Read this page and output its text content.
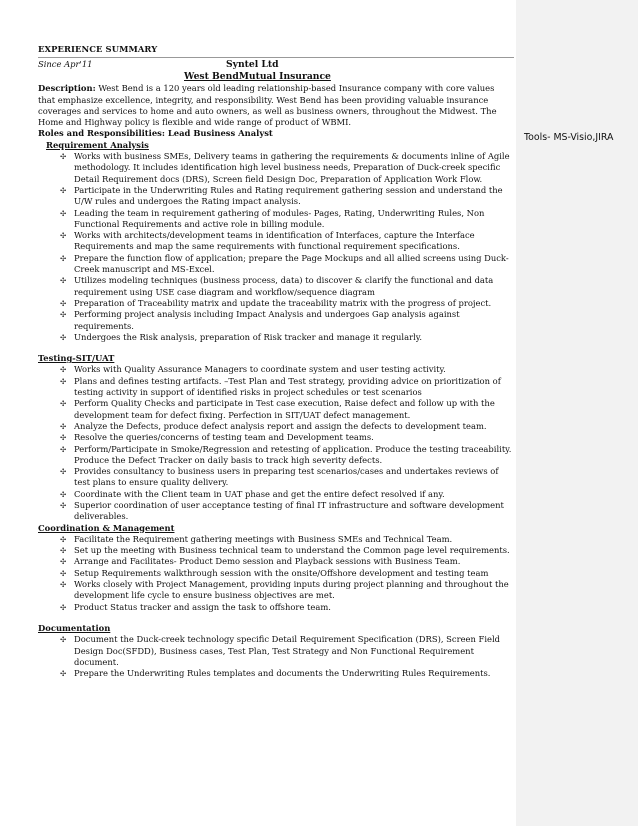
EXPERIENCE SUMMARY
Since Apr'11	Syntel Ltd
West BendMutual Insurance
Description: West Bend is a 120 years old leading relationship-based Insurance company with core values that emphasize excellence, integrity, and responsibility. West Bend has been providing valuable insurance coverages and services to home and auto owners, as well as business owners, throughout the Midwest. The Home and Highway policy is flexible and wide range of product of WBMI.
Roles and Responsibilities: Lead Business Analyst
Requirement Analysis
✣ Works with business SMEs, Delivery teams in gathering the requirements & documents inline of Agile methodology. It includes identification high level business needs, Preparation of Duck-creek specific Detail Requirement docs (DRS), Screen field Design Doc, Preparation of Application Work Flow.
✣ Participate in the Underwriting Rules and Rating requirement gathering session and understand the U/W rules and undergoes the Rating impact analysis.
✣ Leading the team in requirement gathering of modules- Pages, Rating, Underwriting Rules, Non Functional Requirements and active role in billing module.
✣ Works with architects/development teams in identification of Interfaces, capture the Interface Requirements and map the same requirements with functional requirement specifications.
✣ Prepare the function flow of application; prepare the Page Mockups and all allied screens using Duck-Creek manuscript and MS-Excel.
✣ Utilizes modeling techniques (business process, data) to discover & clarify the functional and data requirement using USE case diagram and workflow/sequence diagram
✣ Preparation of Traceability matrix and update the traceability matrix with the progress of project.
✣ Performing project analysis including Impact Analysis and undergoes Gap analysis against requirements.
✣ Undergoes the Risk analysis, preparation of Risk tracker and manage it regularly.
Testing-SIT/UAT
✣ Works with Quality Assurance Managers to coordinate system and user testing activity.
✣ Plans and defines testing artifacts. –Test Plan and Test strategy, providing advice on prioritization of testing activity in support of identified risks in project schedules or test scenarios
✣ Perform Quality Checks and participate in Test case execution, Raise defect and follow up with the development team for defect fixing. Perfection in SIT/UAT defect management.
✣ Analyze the Defects, produce defect analysis report and assign the defects to development team.
✣ Resolve the queries/concerns of testing team and Development teams.
✣ Perform/Participate in Smoke/Regression and retesting of application. Produce the testing traceability. Produce the Defect Tracker on daily basis to track high severity defects.
✣ Provides consultancy to business users in preparing test scenarios/cases and undertakes reviews of test plans to ensure quality delivery.
✣ Coordinate with the Client team in UAT phase and get the entire defect resolved if any.
✣ Superior coordination of user acceptance testing of final IT infrastructure and software development deliverables.
Coordination & Management
✣ Facilitate the Requirement gathering meetings with Business SMEs and Technical Team.
✣ Set up the meeting with Business technical team to understand the Common page level requirements.
✣ Arrange and Facilitates- Product Demo session and Playback sessions with Business Team.
✣ Setup Requirements walkthrough session with the onsite/Offshore development and testing team
✣ Works closely with Project Management, providing inputs during project planning and throughout the development life cycle to ensure business objectives are met.
✣ Product Status tracker and assign the task to offshore team.
Documentation
✣ Document the Duck-creek technology specific Detail Requirement Specification (DRS), Screen Field Design Doc(SFDD), Business cases, Test Plan, Test Strategy and Non Functional Requirement document.
✣ Prepare the Underwriting Rules templates and documents the Underwriting Rules Requirements.
Tools- MS-Visio,JIRA
